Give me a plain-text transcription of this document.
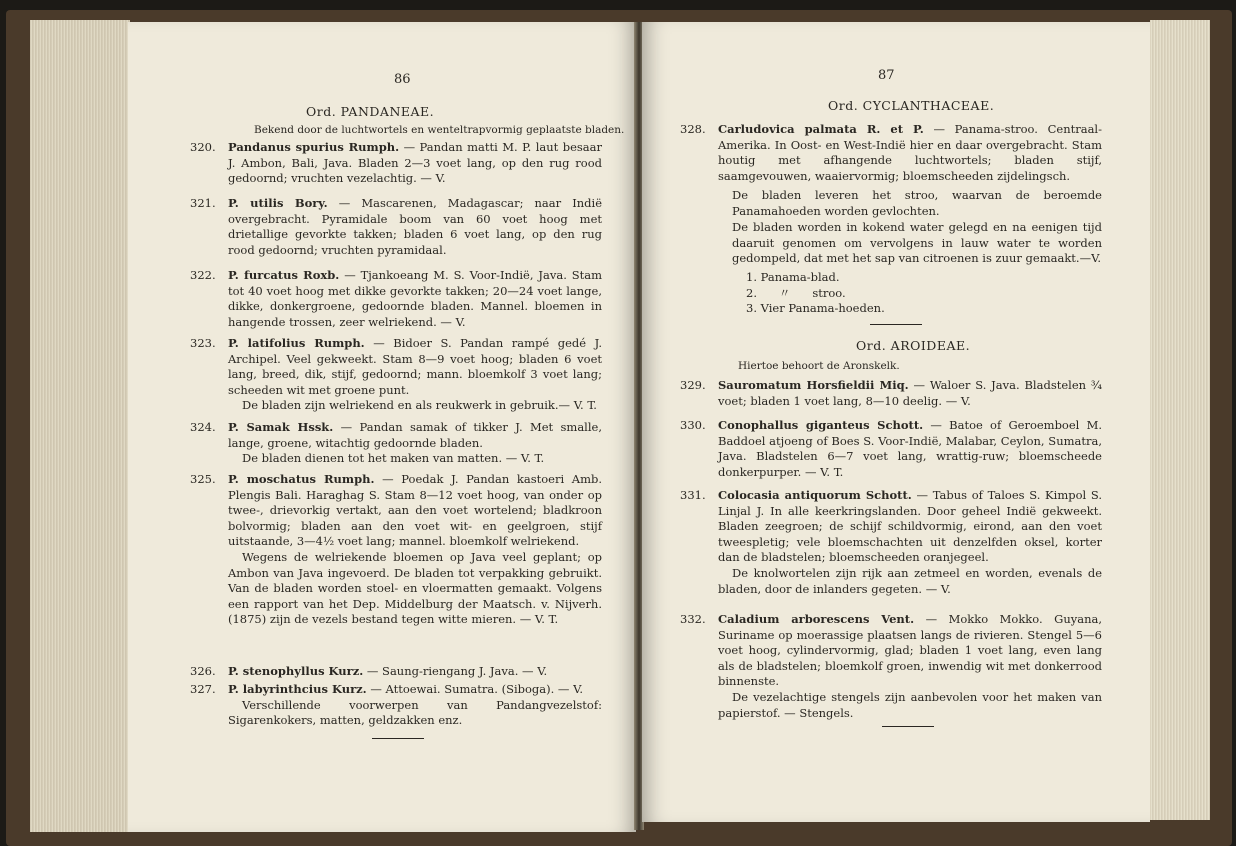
86
Ord. PANDANEAE.
Bekend door de luchtwortels en wenteltrapvormig geplaatste bladen.
320.	Pandanus spurius Rumph. — Pandan matti M. P. laut besaar J. Ambon, Bali, Java. Bladen 2—3 voet lang, op den rug rood gedoornd; vruchten vezelachtig. — V.
321.	P. utilis Bory. — Mascarenen, Madagascar; naar Indië overgebracht. Pyramidale boom van 60 voet hoog met drietallige gevorkte takken; bladen 6 voet lang, op den rug rood gedoornd; vruchten pyramidaal.
322.	P. furcatus Roxb. — Tjankoeang M. S. Voor-Indië, Java. Stam tot 40 voet hoog met dikke gevorkte takken; 20—24 voet lange, dikke, donkergroene, gedoornde bladen. Mannel. bloemen in hangende trossen, zeer welriekend. — V.
323.	P. latifolius Rumph. — Bidoer S. Pandan rampé gedé J. Archipel. Veel gekweekt. Stam 8—9 voet hoog; bladen 6 voet lang, breed, dik, stijf, gedoornd; mann. bloemkolf 3 voet lang; scheeden wit met groene punt.
De bladen zijn welriekend en als reukwerk in gebruik.— V. T.
324.	P. Samak Hssk. — Pandan samak of tikker J. Met smalle, lange, groene, witachtig gedoornde bladen.
De bladen dienen tot het maken van matten. — V. T.
325.	P. moschatus Rumph. — Poedak J. Pandan kastoeri Amb. Plengis Bali. Haraghag S. Stam 8—12 voet hoog, van onder op twee-, drievorkig vertakt, aan den voet wortelend; bladkroon bolvormig; bladen aan den voet wit- en geelgroen, stijf uitstaande, 3—4½ voet lang; mannel. bloemkolf welriekend.
Wegens de welriekende bloemen op Java veel geplant; op Ambon van Java ingevoerd. De bladen tot verpakking gebruikt. Van de bladen worden stoel- en vloermatten gemaakt. Volgens een rapport van het Dep. Middelburg der Maatsch. v. Nijverh. (1875) zijn de vezels bestand tegen witte mieren. — V. T.
326.	P. stenophyllus Kurz. — Saung-riengang J. Java. — V.
327.	P. labyrinthcius Kurz. — Attoewai. Sumatra. (Siboga). — V.
Verschillende voorwerpen van Pandangvezelstof: Sigarenkokers, matten, geldzakken enz.
87
Ord. CYCLANTHACEAE.
328.	Carludovica palmata R. et P. — Panama-stroo. Centraal-Amerika. In Oost- en West-Indië hier en daar overgebracht. Stam houtig met afhangende luchtwortels; bladen stijf, saamgevouwen, waaiervormig; bloemscheeden zijdelingsch.
De bladen leveren het stroo, waarvan de beroemde Panamahoeden worden gevlochten.
De bladen worden in kokend water gelegd en na eenigen tijd daaruit genomen om vervolgens in lauw water te worden gedompeld, dat met het sap van citroenen is zuur gemaakt.—V.
1. Panama-blad.
2.      〃      stroo.
3. Vier Panama-hoeden.
Ord. AROIDEAE.
Hiertoe behoort de Aronskelk.
329.	Sauromatum Horsfieldii Miq. — Waloer S. Java. Bladstelen ¾ voet; bladen 1 voet lang, 8—10 deelig. — V.
330.	Conophallus giganteus Schott. — Batoe of Geroemboel M. Baddoel atjoeng of Boes S. Voor-Indië, Malabar, Ceylon, Sumatra, Java. Bladstelen 6—7 voet lang, wrattig-ruw; bloemscheede donkerpurper. — V. T.
331.	Colocasia antiquorum Schott. — Tabus of Taloes S. Kimpol S. Linjal J. In alle keerkringslanden. Door geheel Indië gekweekt. Bladen zeegroen; de schijf schildvormig, eirond, aan den voet tweespletig; vele bloemschachten uit denzelfden oksel, korter dan de bladstelen; bloemscheeden oranjegeel.
De knolwortelen zijn rijk aan zetmeel en worden, evenals de bladen, door de inlanders gegeten. — V.
332.	Caladium arborescens Vent. — Mokko Mokko. Guyana, Suriname op moerassige plaatsen langs de rivieren. Stengel 5—6 voet hoog, cylindervormig, glad; bladen 1 voet lang, even lang als de bladstelen; bloemkolf groen, inwendig wit met donkerrood binnenste.
De vezelachtige stengels zijn aanbevolen voor het maken van papierstof. — Stengels.
